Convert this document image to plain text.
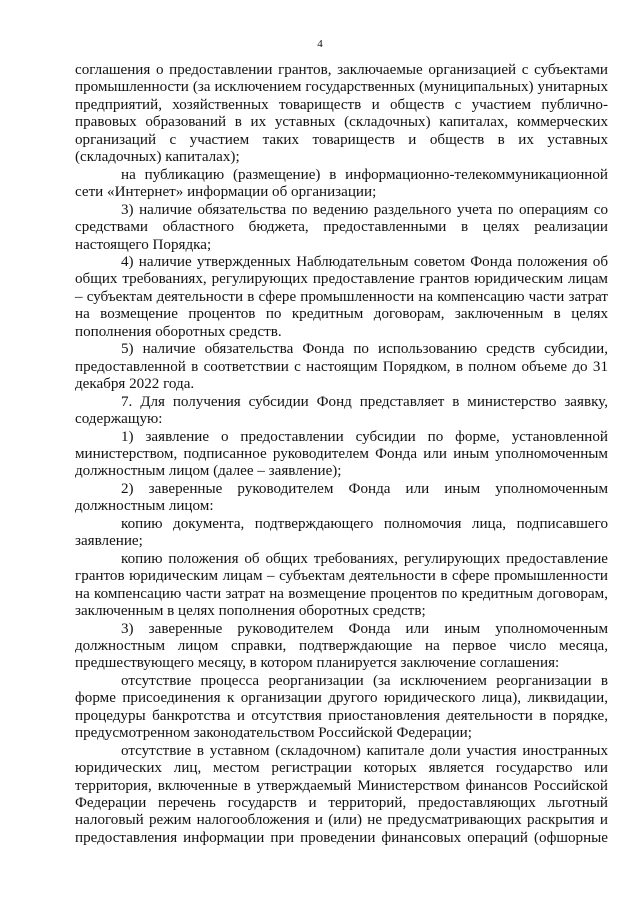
4

соглашения о предоставлении грантов, заключаемые организацией с субъектами промышленности (за исключением государственных (муниципальных) унитарных предприятий, хозяйственных товариществ и обществ с участием публично-правовых образований в их уставных (складочных) капиталах, коммерческих организаций с участием таких товариществ и обществ в их уставных (складочных) капиталах);

на публикацию (размещение) в информационно-телекоммуникационной сети «Интернет» информации об организации;

3) наличие обязательства по ведению раздельного учета по операциям со средствами областного бюджета, предоставленными в целях реализации настоящего Порядка;

4) наличие утвержденных Наблюдательным советом Фонда положения об общих требованиях, регулирующих предоставление грантов юридическим лицам – субъектам деятельности в сфере промышленности на компенсацию части затрат на возмещение процентов по кредитным договорам, заключенным в целях пополнения оборотных средств.

5) наличие обязательства Фонда по использованию средств субсидии, предоставленной в соответствии с настоящим Порядком, в полном объеме до 31 декабря 2022 года.

7. Для получения субсидии Фонд представляет в министерство заявку, содержащую:

1) заявление о предоставлении субсидии по форме, установленной министерством, подписанное руководителем Фонда или иным уполномоченным должностным лицом (далее – заявление);

2) заверенные руководителем Фонда или иным уполномоченным должностным лицом:

копию документа, подтверждающего полномочия лица, подписавшего заявление;

копию положения об общих требованиях, регулирующих предоставление грантов юридическим лицам – субъектам деятельности в сфере промышленности на компенсацию части затрат на возмещение процентов по кредитным договорам, заключенным в целях пополнения оборотных средств;

3) заверенные руководителем Фонда или иным уполномоченным должностным лицом справки, подтверждающие на первое число месяца, предшествующего месяцу, в котором планируется заключение соглашения:

отсутствие процесса реорганизации (за исключением реорганизации в форме присоединения к организации другого юридического лица), ликвидации, процедуры банкротства и отсутствия приостановления деятельности в порядке, предусмотренном законодательством Российской Федерации;

отсутствие в уставном (складочном) капитале доли участия иностранных юридических лиц, местом регистрации которых является государство или территория, включенные в утверждаемый Министерством финансов Российской Федерации перечень государств и территорий, предоставляющих льготный налоговый режим налогообложения и (или) не предусматривающих раскрытия и предоставления информации при проведении финансовых операций (офшорные
